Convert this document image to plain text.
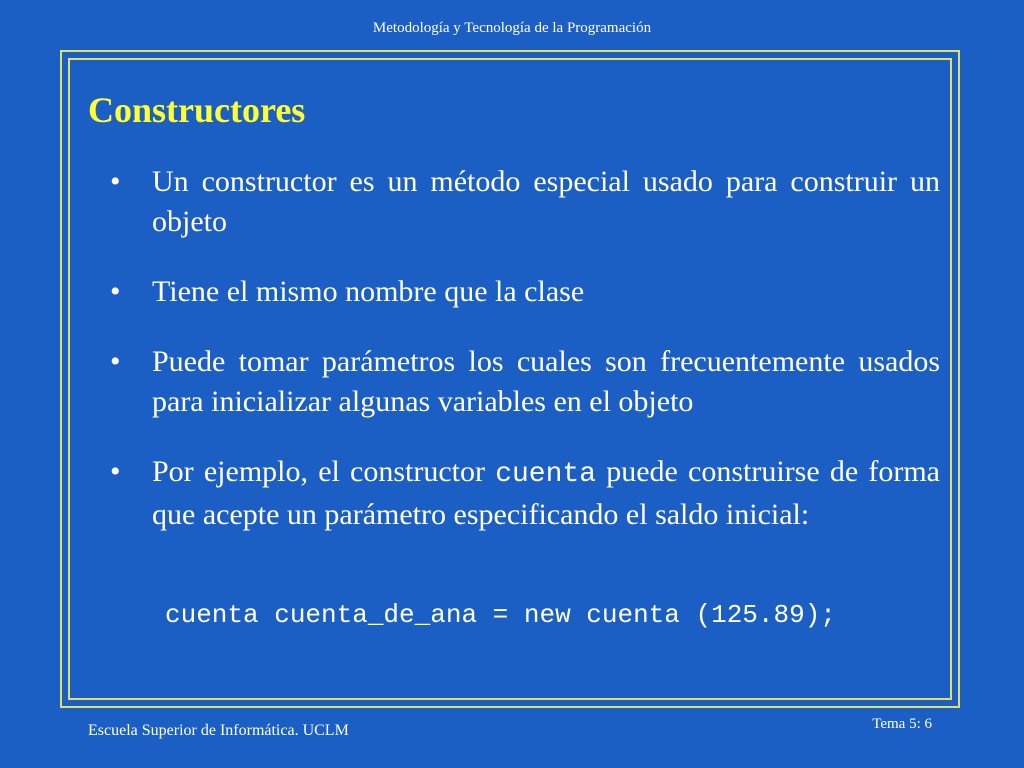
Metodología y Tecnología de la Programación
Constructores
•	Un constructor es un método especial usado para construir un objeto
•	Tiene el mismo nombre que la clase
•	Puede tomar parámetros los cuales son frecuentemente usados para inicializar algunas variables en el objeto
•	Por ejemplo, el constructor cuenta puede construirse de forma que acepte un parámetro especificando el saldo inicial:
cuenta cuenta_de_ana = new cuenta (125.89);
Escuela Superior de Informática. UCLM	Tema 5: 6
